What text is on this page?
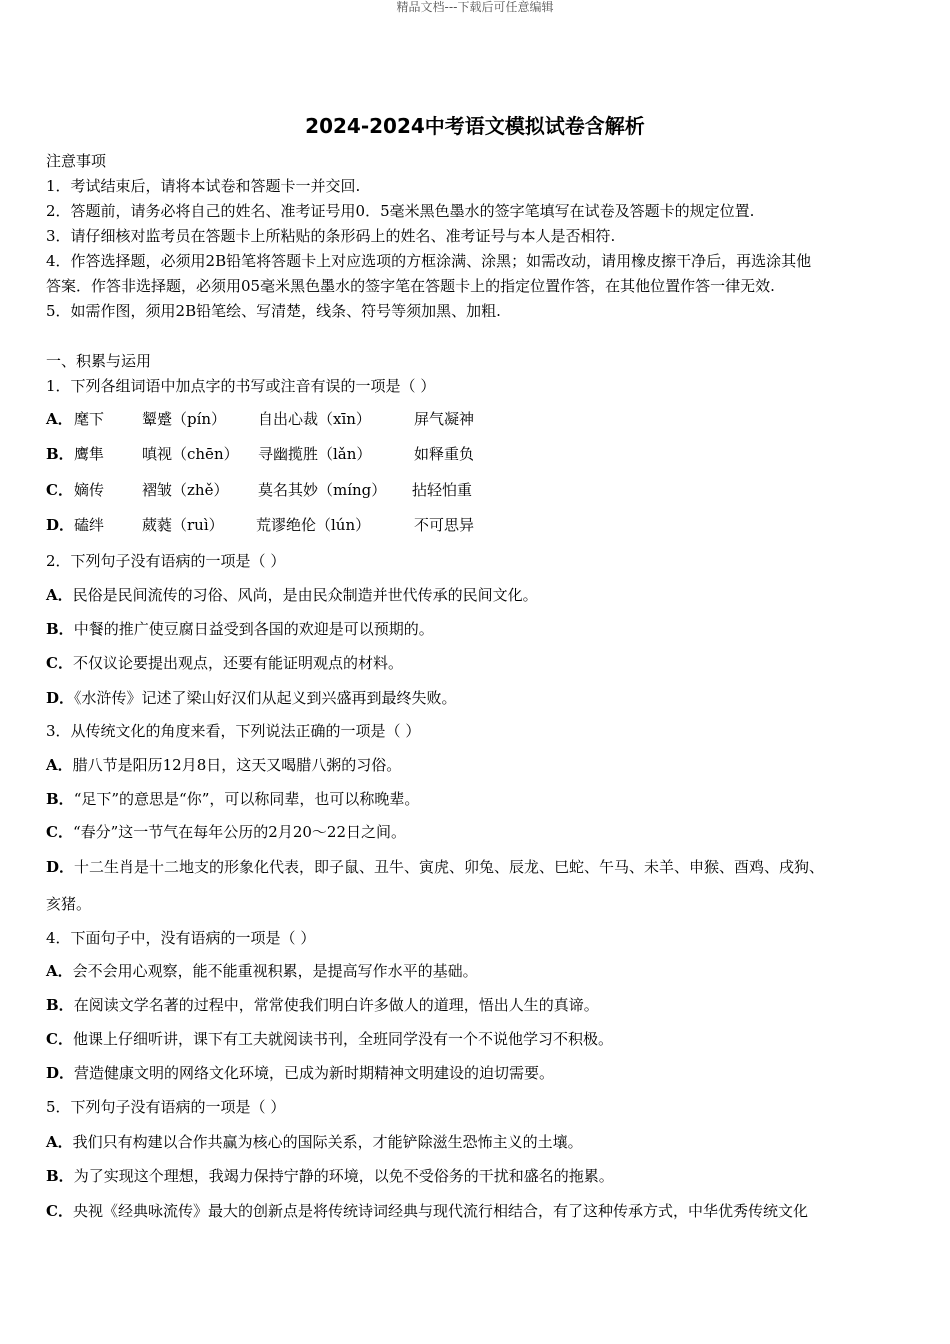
精品文档---下载后可任意编辑
2024-2024中考语文模拟试卷含解析
注意事项
1．考试结束后，请将本试卷和答题卡一并交回.
2．答题前，请务必将自己的姓名、准考证号用0．5毫米黑色墨水的签字笔填写在试卷及答题卡的规定位置.
3．请仔细核对监考员在答题卡上所粘贴的条形码上的姓名、准考证号与本人是否相符.
4．作答选择题，必须用2B铅笔将答题卡上对应选项的方框涂满、涂黑；如需改动，请用橡皮擦干净后，再选涂其他
答案．作答非选择题，必须用05毫米黑色墨水的签字笔在答题卡上的指定位置作答，在其他位置作答一律无效.
5．如需作图，须用2B铅笔绘、写清楚，线条、符号等须加黑、加粗.
一、积累与运用
1．下列各组词语中加点字的书写或注音有误的一项是（ ）
A． 麾下	颦蹙（pín） 自出心裁（xīn）	屏气凝神
B． 鹰隼	嗔视（chēn） 寻幽揽胜（lǎn）	如释重负
C． 嫡传	褶皱（zhě） 莫名其妙（míng） 拈轻怕重
D． 磕绊	葳蕤（ruì） 荒谬绝伦（lún）	不可思异
2．下列句子没有语病的一项是（ ）
A．民俗是民间流传的习俗、风尚，是由民众制造并世代传承的民间文化。
B．中餐的推广使豆腐日益受到各国的欢迎是可以预期的。
C．不仅议论要提出观点，还要有能证明观点的材料。
D．《水浒传》记述了梁山好汉们从起义到兴盛再到最终失败。
3．从传统文化的角度来看，下列说法正确的一项是（ ）
A．腊八节是阳历12月8日，这天又喝腊八粥的习俗。
B．“足下”的意思是“你”，可以称同辈，也可以称晚辈。
C．“春分”这一节气在每年公历的2月20～22日之间。
D．十二生肖是十二地支的形象化代表，即子鼠、丑牛、寅虎、卯兔、辰龙、巳蛇、午马、未羊、申猴、酉鸡、戌狗、
亥猪。
4．下面句子中，没有语病的一项是（ ）
A．会不会用心观察，能不能重视积累，是提高写作水平的基础。
B．在阅读文学名著的过程中，常常使我们明白许多做人的道理，悟出人生的真谛。
C．他课上仔细听讲，课下有工夫就阅读书刊，全班同学没有一个不说他学习不积极。
D．营造健康文明的网络文化环境，已成为新时期精神文明建设的迫切需要。
5．下列句子没有语病的一项是（ ）
A．我们只有构建以合作共赢为核心的国际关系，才能铲除滋生恐怖主义的土壤。
B．为了实现这个理想，我竭力保持宁静的环境，以免不受俗务的干扰和盛名的拖累。
C．央视《经典咏流传》最大的创新点是将传统诗词经典与现代流行相结合，有了这种传承方式，中华优秀传统文化
